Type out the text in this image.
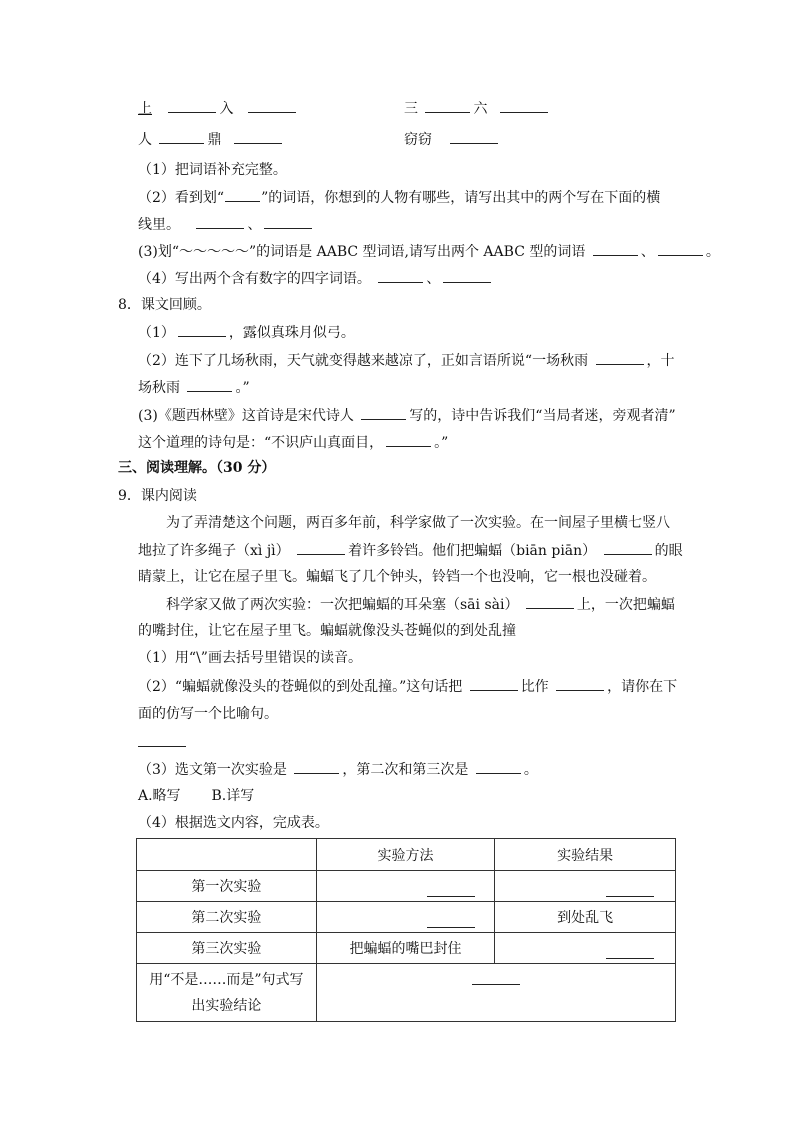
上	入	三	六
人	鼎	窃窃
（1）把词语补充完整。
（2）看到划“	”的词语，你想到的人物有哪些，请写出其中的两个写在下面的横
线里。	、
(3)划“～～～～～”的词语是 AABC 型词语,请写出两个 AABC 型的词语	、	。
（4）写出两个含有数字的四字词语。	、
8．课文回顾。
（1）	，露似真珠月似弓。
（2）连下了几场秋雨，天气就变得越来越凉了，正如言语所说“一场秋雨	，十
场秋雨	。”
(3)《题西林壁》这首诗是宋代诗人	写的，诗中告诉我们“当局者迷，旁观者清”
这个道理的诗句是：“不识庐山真面目，	。”
三、阅读理解。（30 分）
9．课内阅读
为了弄清楚这个问题，两百多年前，科学家做了一次实验。在一间屋子里横七竖八
地拉了许多绳子（xì jì）	着许多铃铛。他们把蝙蝠（biān piān）	的眼
睛蒙上，让它在屋子里飞。蝙蝠飞了几个钟头，铃铛一个也没响，它一根也没碰着。
科学家又做了两次实验：一次把蝙蝠的耳朵塞（sāi sài）	上，一次把蝙蝠
的嘴封住，让它在屋子里飞。蝙蝠就像没头苍蝇似的到处乱撞
（1）用“\”画去括号里错误的读音。
（2）“蝙蝠就像没头的苍蝇似的到处乱撞。”这句话把	比作	，请你在下
面的仿写一个比喻句。
（3）选文第一次实验是	，第二次和第三次是	。
A.略写 B.详写
（4）根据选文内容，完成表。
	实验方法	实验结果
第一次实验		
第二次实验		到处乱飞
第三次实验	把蝙蝠的嘴巴封住	

用“不是……而是”句式写
出实验结论		
